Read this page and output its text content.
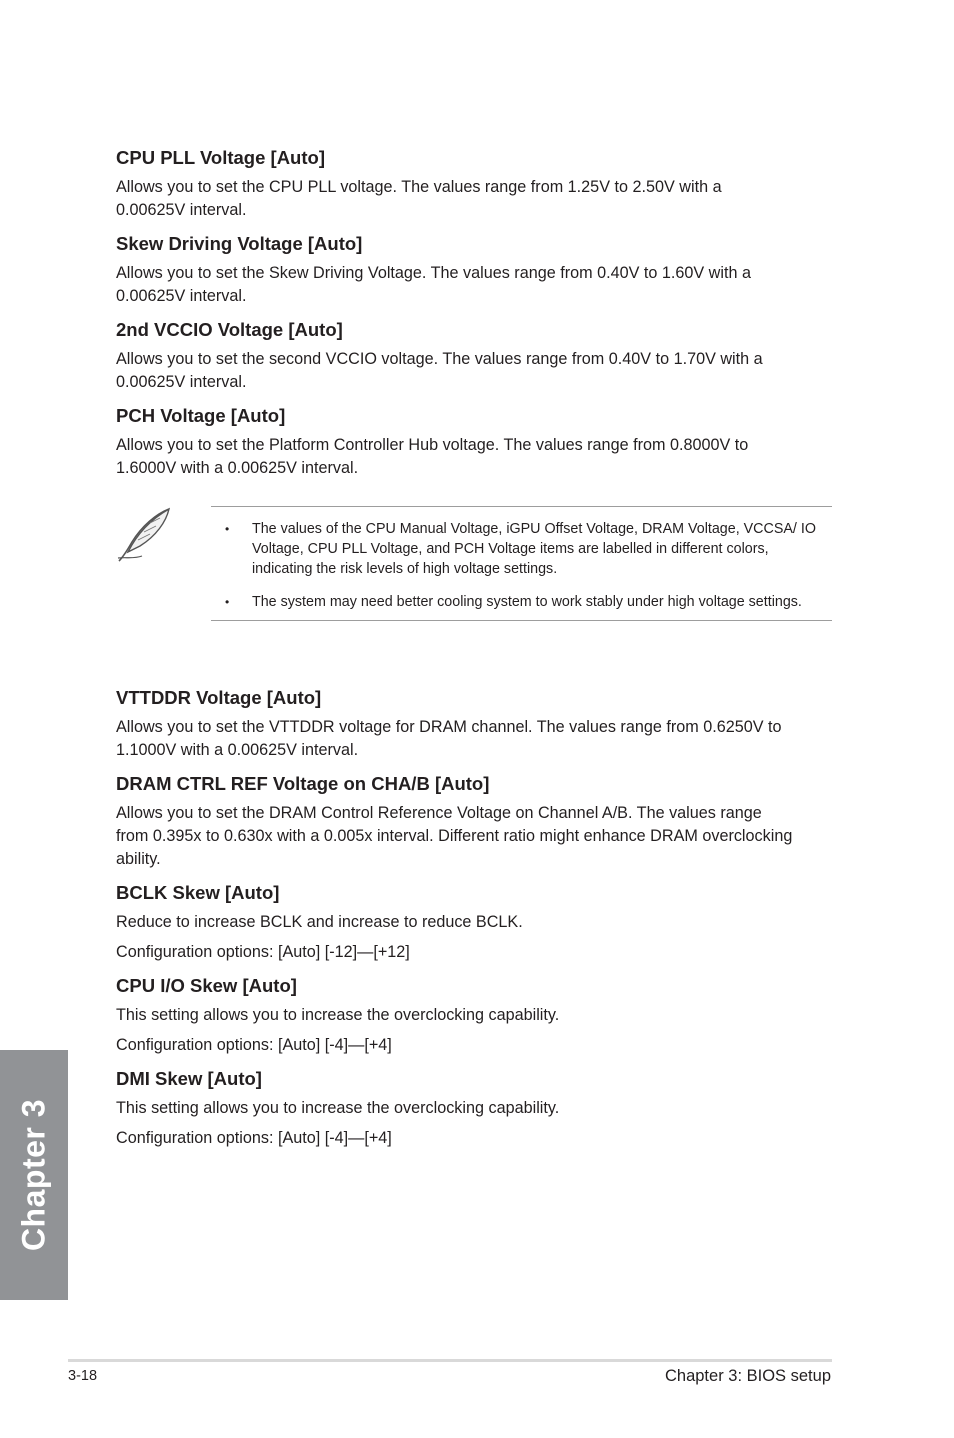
CPU PLL Voltage [Auto]

Allows you to set the CPU PLL voltage. The values range from 1.25V to 2.50V with a 0.00625V interval.

Skew Driving Voltage [Auto]

Allows you to set the Skew Driving Voltage. The values range from 0.40V to 1.60V with a 0.00625V interval.

2nd VCCIO Voltage [Auto]

Allows you to set the second VCCIO voltage. The values range from 0.40V to 1.70V with a 0.00625V interval.

PCH Voltage [Auto]

Allows you to set the Platform Controller Hub voltage. The values range from 0.8000V to 1.6000V with a 0.00625V interval.

• The values of the CPU Manual Voltage, iGPU Offset Voltage, DRAM Voltage, VCCSA/ IO Voltage, CPU PLL Voltage, and PCH Voltage items are labelled in different colors, indicating the risk levels of high voltage settings.
• The system may need better cooling system to work stably under high voltage settings.
VTTDDR Voltage [Auto]

Allows you to set the VTTDDR voltage for DRAM channel. The values range from 0.6250V to 1.1000V with a 0.00625V interval.

DRAM CTRL REF Voltage on CHA/B [Auto]

Allows you to set the DRAM Control Reference Voltage on Channel A/B. The values range from 0.395x to 0.630x with a 0.005x interval. Different ratio might enhance DRAM overclocking ability.

BCLK Skew [Auto]

Reduce to increase BCLK and increase to reduce BCLK.

Configuration options: [Auto] [-12]—[+12]

CPU I/O Skew [Auto]

This setting allows you to increase the overclocking capability.

Configuration options: [Auto] [-4]—[+4]

DMI Skew [Auto]

This setting allows you to increase the overclocking capability.

Configuration options: [Auto] [-4]—[+4]

Chapter 3
3-18	Chapter 3: BIOS setup
